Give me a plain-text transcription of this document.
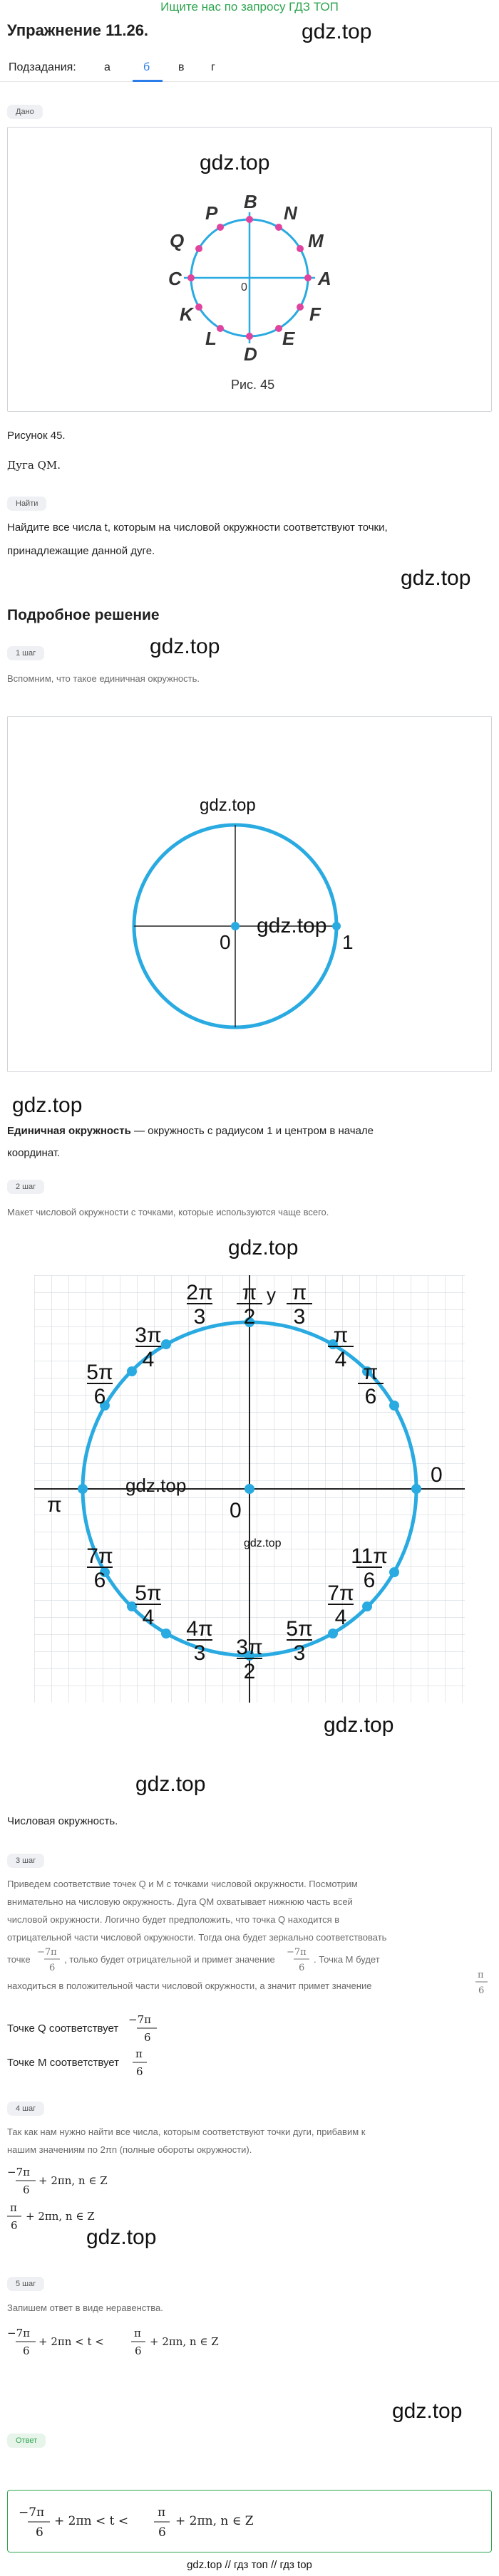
Ищите нас по запросу ГДЗ ТОП
Упражнение 11.26.	gdz.top
Подзадания: а	б в г
Дано
gdz.top
B
N
M
A
F
E
D
L
K
C
Q
P
0
Рис. 45
Рисунок 45.
Дуга QM.
Найти
Найдите все числа t, которым на числовой окружности соответствуют точки,
принадлежащие данной дуге.
gdz.top
Подробное решение
gdz.top
1 шаг
Вспомним, что такое единичная окружность.
gdz.top
0	1
gdz.top
gdz.top
Единичная окружность — окружность с радиусом 1 и центром в начале
координат.
2 шаг
Макет числовой окружности с точками, которые используются чаще всего.
gdz.top
y
0
0
π
π
2
π
3
π
4
π
6
2π
3
3π
4
5π
6
7π
6
5π
4 4π
3 3π
2
5π
3
7π
4
11π
6
gdz.top
gdz.top
gdz.top
gdz.top
Числовая окружность.
3 шаг
Приведем соответствие точек Q и M с точками числовой окружности. Посмотрим
внимательно на числовую окружность. Дуга QM охватывает нижнюю часть всей
числовой окружности. Логично будет предположить, что точка Q находится в
отрицательной части числовой окружности. Тогда она будет зеркально соответствовать
точке
−7π
6
, только будет отрицательной и примет значение
−7π
6
. Точка M будет
находиться в положительной части числовой окружности, а значит примет значение
π
6
Точке Q соответствует
−7π
6
Точке M соответствует
π
6
4 шаг
Так как нам нужно найти все числа, которым соответствуют точки дуги, прибавим к
нашим значениям по 2πn (полные обороты окружности).
−7π
6
+ 2πn, n ∈ Z
π
6
+ 2πn, n ∈ Z
gdz.top
5 шаг
Запишем ответ в виде неравенства.
−7π
6
+ 2πn < t <
π
6
+ 2πn, n ∈ Z
gdz.top
Ответ
−7π
6
+ 2πn < t <
π
6
+ 2πn, n ∈ Z
gdz.top // гдз топ // гдз top
